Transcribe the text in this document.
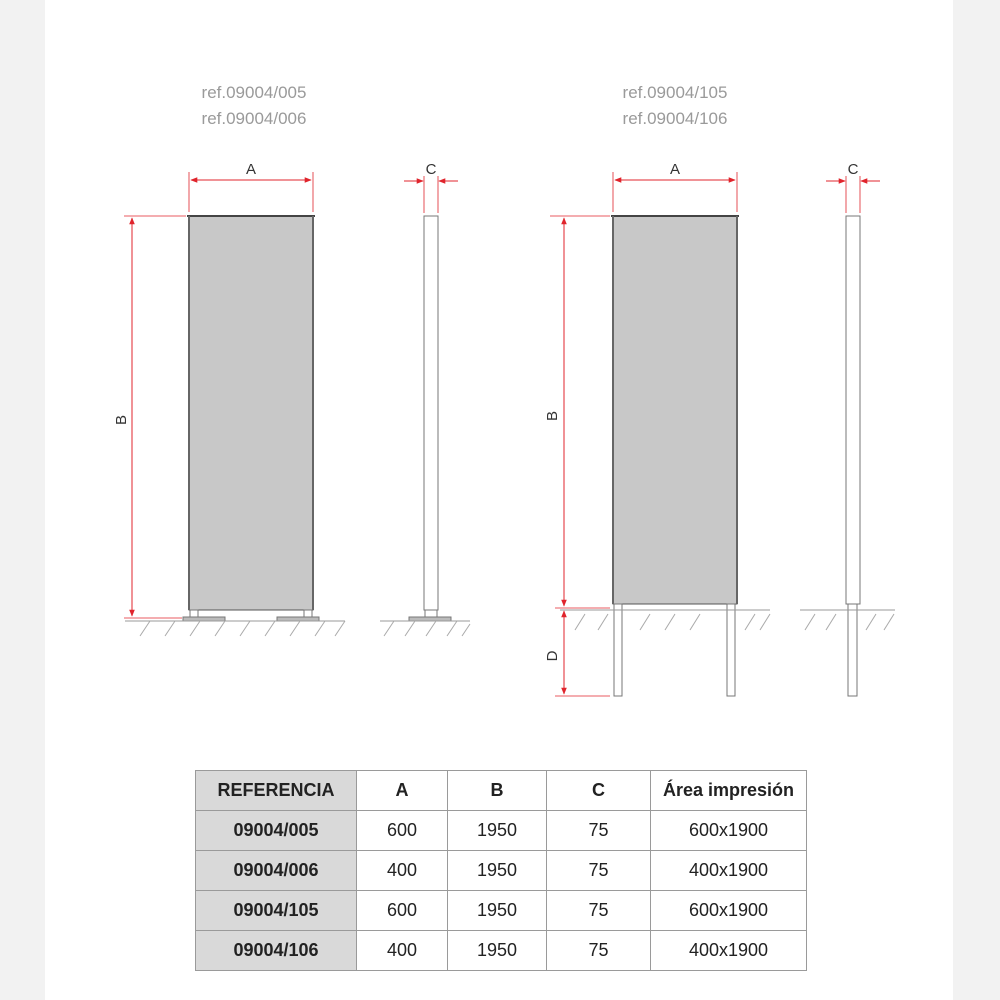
ref.09004/005
ref.09004/006
ref.09004/105
ref.09004/106
A
B
C	A
B
D
C
REFERENCIA	A	B	C	Área impresión
09004/005	600	1950	75	600x1900
09004/006	400	1950	75	400x1900
09004/105	600	1950	75	600x1900
09004/106	400	1950	75	400x1900
